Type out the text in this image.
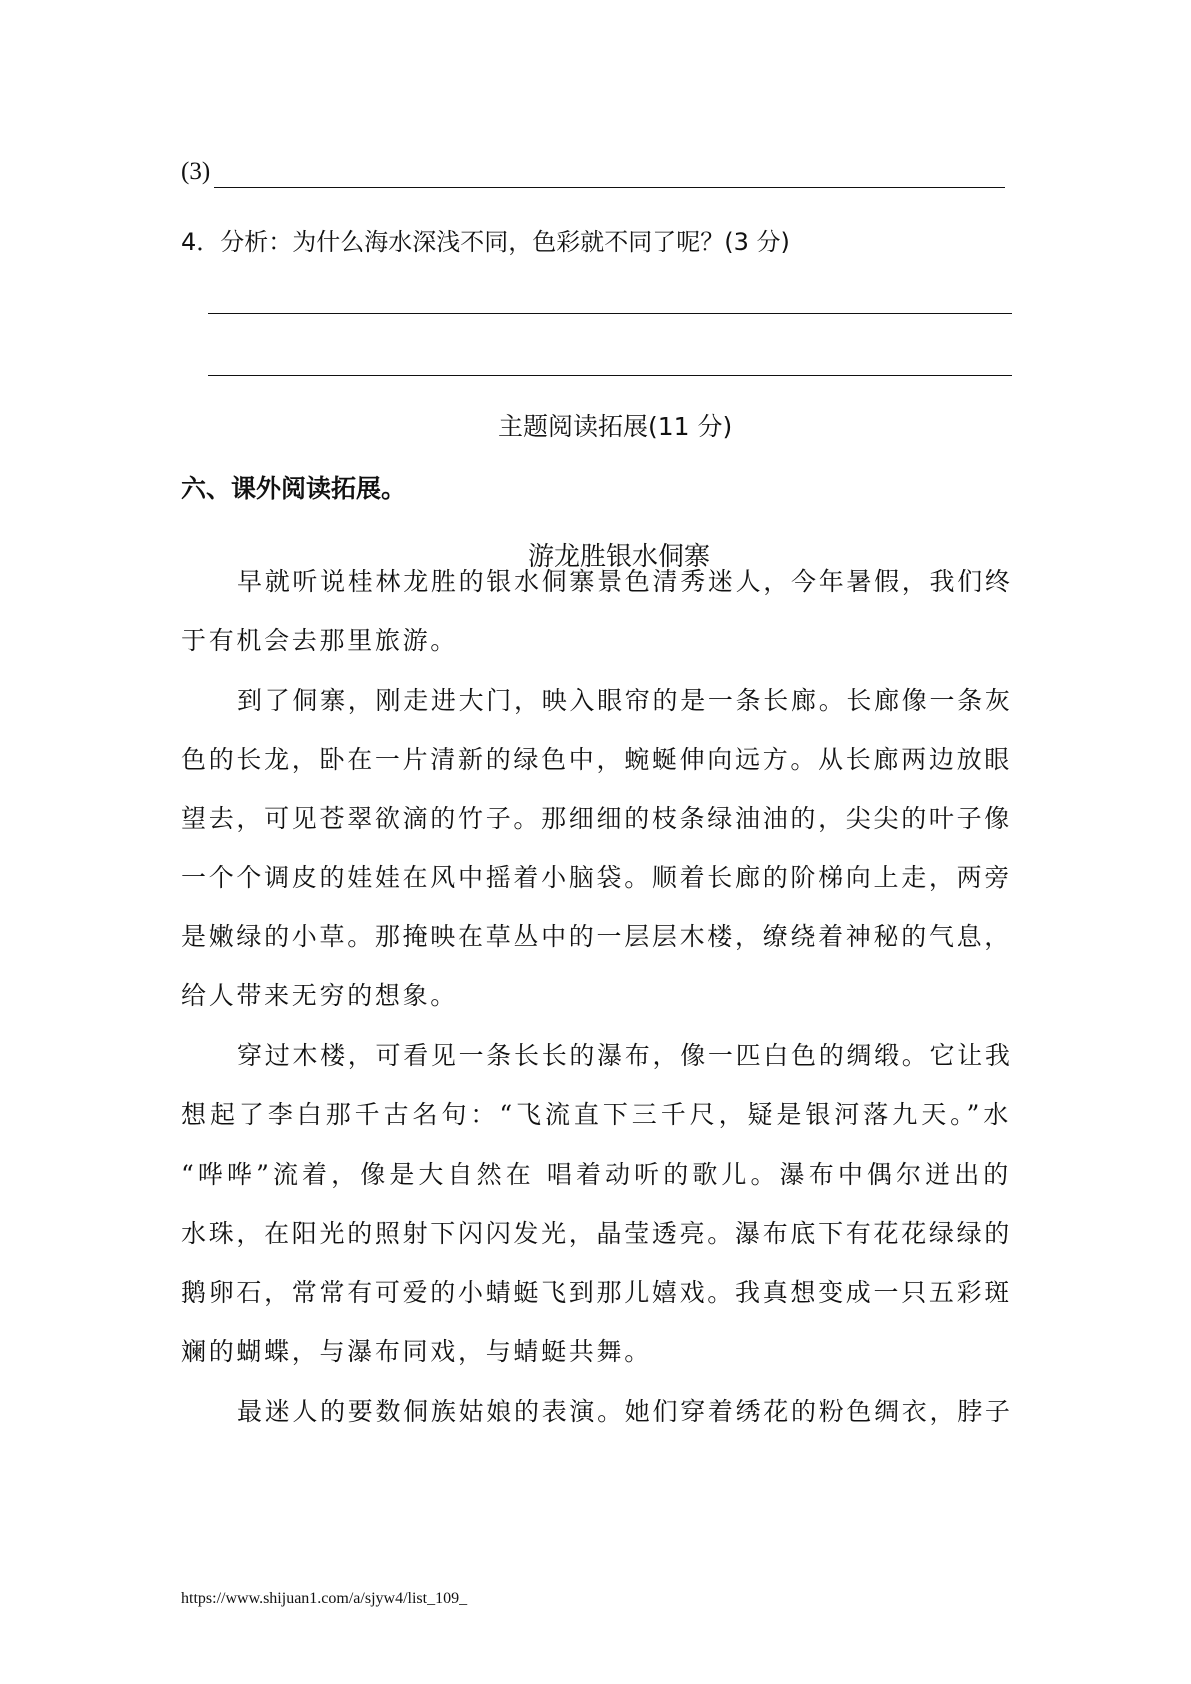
(3)
4．分析：为什么海水深浅不同，色彩就不同了呢？(3 分)
主题阅读拓展(11 分)
六、课外阅读拓展。
游龙胜银水侗寨
早就听说桂林龙胜的银水侗寨景色清秀迷人，今年暑假，我们终
于有机会去那里旅游。
到了侗寨，刚走进大门，映入眼帘的是一条长廊。长廊像一条灰
色的长龙，卧在一片清新的绿色中，蜿蜒伸向远方。从长廊两边放眼
望去，可见苍翠欲滴的竹子。那细细的枝条绿油油的，尖尖的叶子像
一个个调皮的娃娃在风中摇着小脑袋。顺着长廊的阶梯向上走，两旁
是嫩绿的小草。那掩映在草丛中的一层层木楼，缭绕着神秘的气息，
给人带来无穷的想象。
穿过木楼，可看见一条长长的瀑布，像一匹白色的绸缎。它让我
想起了李白那千古名句：“飞流直下三千尺，疑是银河落九天。”水
“哗哗”流着，像是大自然在 唱着动听的歌儿。瀑布中偶尔迸出的
水珠，在阳光的照射下闪闪发光，晶莹透亮。瀑布底下有花花绿绿的
鹅卵石，常常有可爱的小蜻蜓飞到那儿嬉戏。我真想变成一只五彩斑
斓的蝴蝶，与瀑布同戏，与蜻蜓共舞。
最迷人的要数侗族姑娘的表演。她们穿着绣花的粉色绸衣，脖子
https://www.shijuan1.com/a/sjyw4/list_109_
